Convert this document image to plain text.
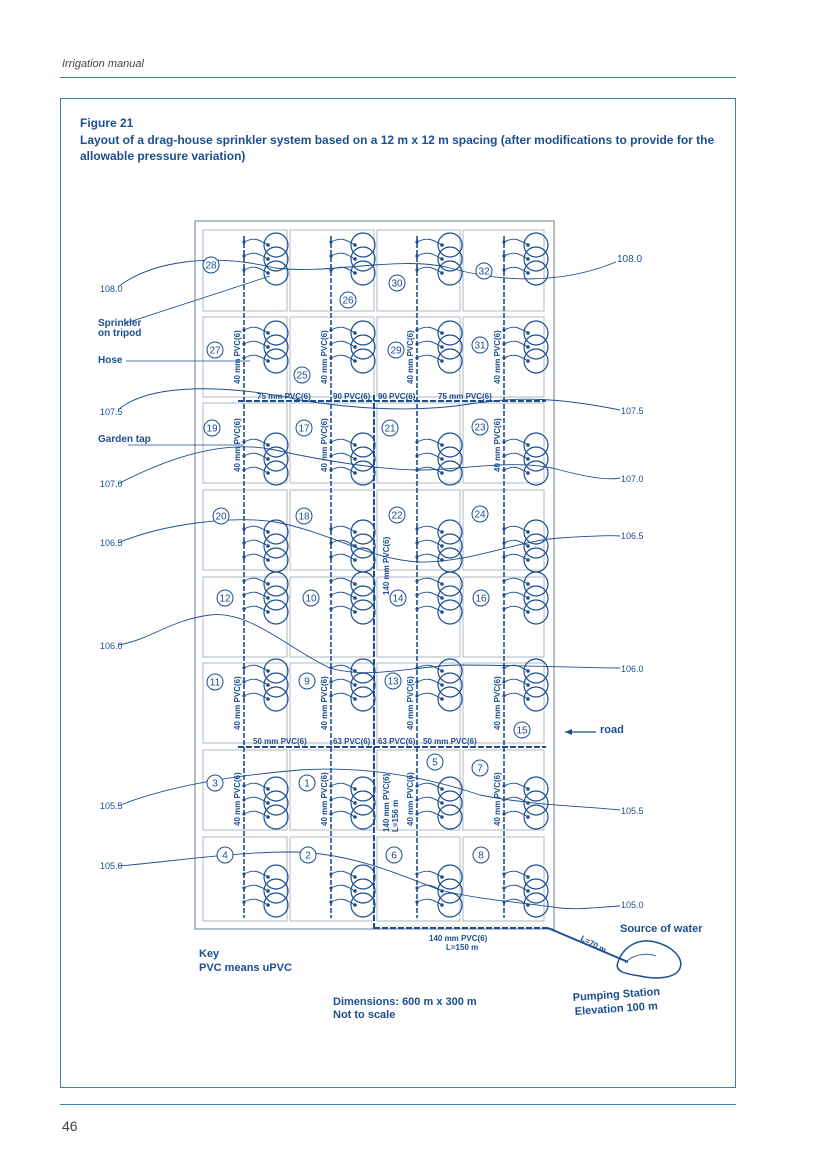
Irrigation manual
Figure 21
Layout of a drag-house sprinkler system based on a 12 m x 12 m spacing (after modifications to provide for the allowable pressure variation)
40 mm PVC(6)	40 mm PVC(6)	40 mm PVC(6)	40 mm PVC(6)
40 mm PVC(6)	40 mm PVC(6)
40 mm PVC(6)	40 mm PVC(6)	40 mm PVC(6)	40 mm PVC(6)
40 mm PVC(6)	40 mm PVC(6)	40 mm PVC(6)	40 mm PVC(6)
40 mm PVC(6)
1
2
3
4
5
6
7
8
9
10
11
12
13
14
15
16
17
18
19
20
21
22
23
24
25
26
27
28
29
30
31
32
Sprinkler
on tripod
Hose
Garden tap
road
Source of water
Pumping Station
Elevation 100 m
L=70 m
Key
PVC means uPVC
Dimensions: 600 m x 300 m
Not to scale
140 mm PVC(6)
L=150 m
140 mm PVC(6)
140 mm PVC(6) L=156 m
75 mm PVC(6)	90 PVC(6) 90 PVC(6)	75 mm PVC(6)
50 mm PVC(6)	63 PVC(6) 63 PVC(6) 50 mm PVC(6)
108.0
107.5
107.0
106.5
106.0
105.5
105.0
108.0
107.5
107.0
106.5
106.0
105.5
105.0
46
